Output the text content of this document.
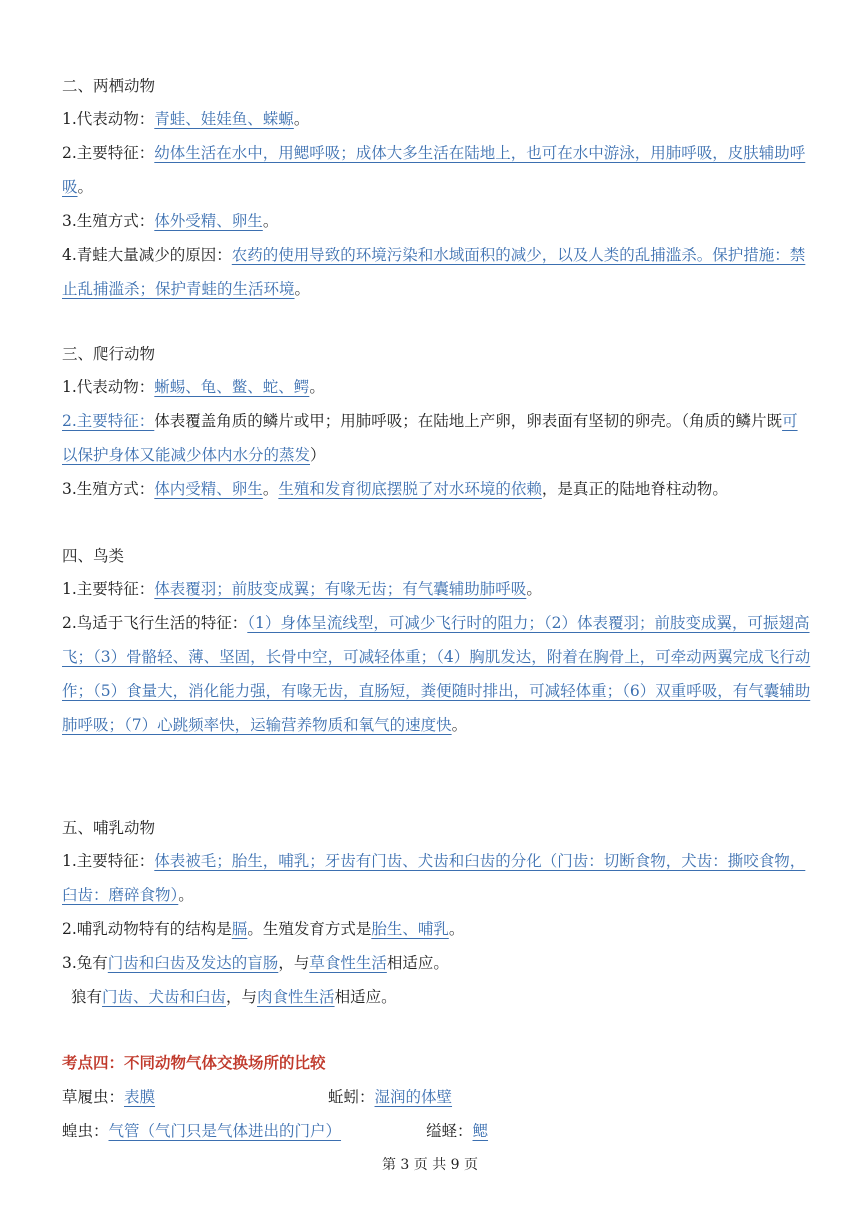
二、两栖动物

1.代表动物：青蛙、娃娃鱼、蝾螈。

2.主要特征：幼体生活在水中，用鳃呼吸；成体大多生活在陆地上，也可在水中游泳，用肺呼吸，皮肤辅助呼吸。

3.生殖方式：体外受精、卵生。

4.青蛙大量减少的原因：农药的使用导致的环境污染和水域面积的减少，以及人类的乱捕滥杀。保护措施：禁止乱捕滥杀；保护青蛙的生活环境。

三、爬行动物

1.代表动物：蜥蜴、龟、鳖、蛇、鳄。

2.主要特征：体表覆盖角质的鳞片或甲；用肺呼吸；在陆地上产卵，卵表面有坚韧的卵壳。（角质的鳞片既可以保护身体又能减少体内水分的蒸发）

3.生殖方式：体内受精、卵生。生殖和发育彻底摆脱了对水环境的依赖，是真正的陆地脊柱动物。

四、鸟类

1.主要特征：体表覆羽；前肢变成翼；有喙无齿；有气囊辅助肺呼吸。

2.鸟适于飞行生活的特征：（1）身体呈流线型，可减少飞行时的阻力；（2）体表覆羽；前肢变成翼，可振翅高飞；（3）骨骼轻、薄、坚固，长骨中空，可减轻体重；（4）胸肌发达，附着在胸骨上，可牵动两翼完成飞行动作；（5）食量大，消化能力强，有喙无齿，直肠短，粪便随时排出，可减轻体重；（6）双重呼吸，有气囊辅助肺呼吸；（7）心跳频率快，运输营养物质和氧气的速度快。

五、哺乳动物

1.主要特征：体表被毛；胎生，哺乳；牙齿有门齿、犬齿和臼齿的分化（门齿：切断食物，犬齿：撕咬食物，臼齿：磨碎食物）。

2.哺乳动物特有的结构是膈。生殖发育方式是胎生、哺乳。

3.兔有门齿和臼齿及发达的盲肠，与草食性生活相适应。

狼有门齿、犬齿和臼齿，与肉食性生活相适应。

考点四：不同动物气体交换场所的比较

草履虫：表膜	蚯蚓：湿润的体壁

蝗虫：气管（气门只是气体进出的门户）	缢蛏：鳃

第 3 页 共 9 页
